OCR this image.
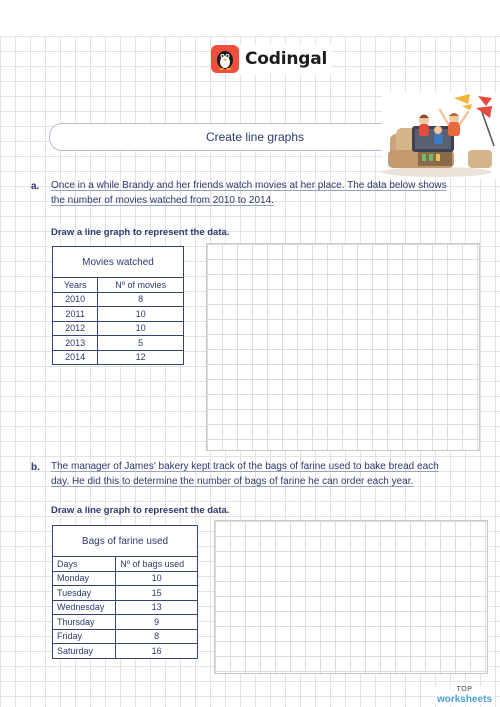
Codingal
Create line graphs
a. Once in a while Brandy and her friends watch movies at her place. The data below shows
the number of movies watched from 2010 to 2014.
Draw a line graph to represent the data.
Movies watched	
Years	Nº of movies
2010	8
2011	10
2012	10
2013	5
2014	12
b. The manager of James' bakery kept track of the bags of farine used to bake bread each
day. He did this to determine the number of bags of farine he can order each year.
Draw a line graph to represent the data.
Bags of farine used	
Days	Nº of bags used
Monday	10
Tuesday	15
Wednesday	13
Thursday	9
Friday	8
Saturday	16
TOP
worksheets
